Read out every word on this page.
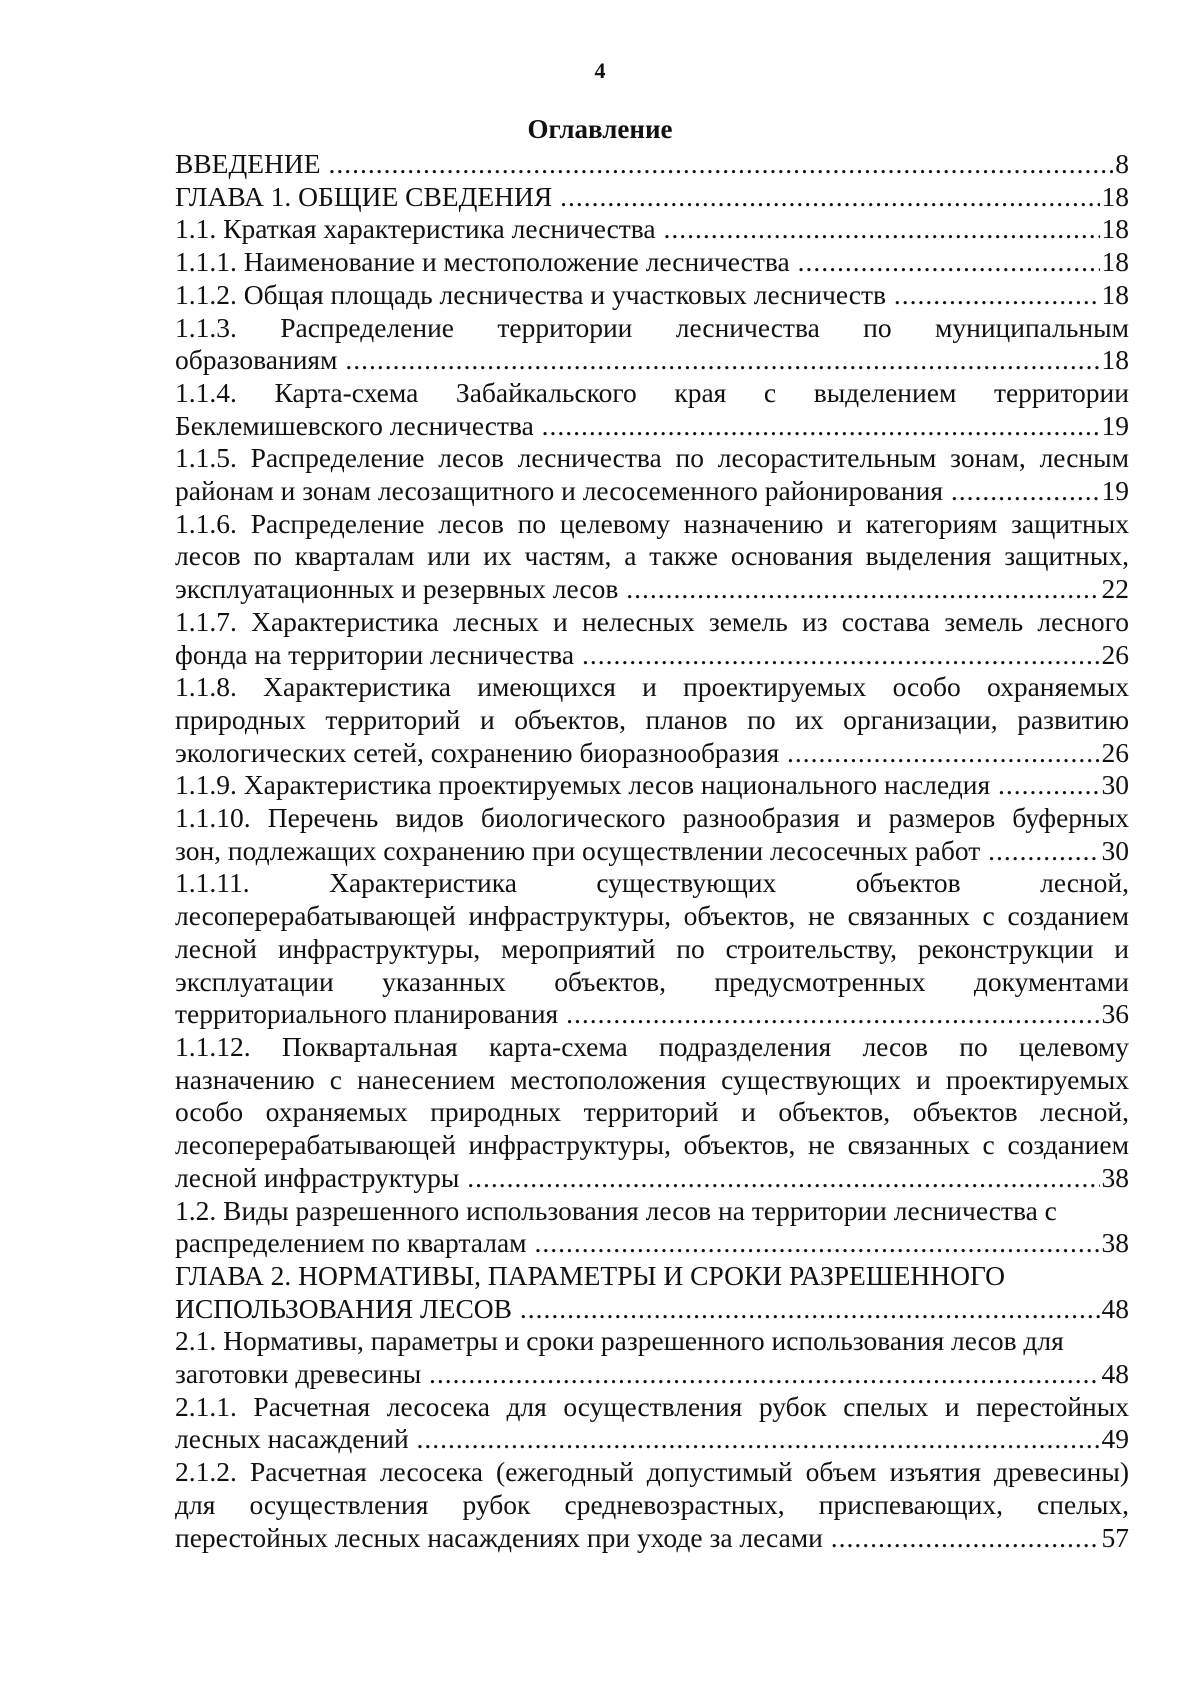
4
Оглавление
ВВЕДЕНИЕ .....	8
ГЛАВА 1. ОБЩИЕ СВЕДЕНИЯ .....	18
1.1. Краткая характеристика лесничества .....	18
1.1.1. Наименование и местоположение лесничества .....	18
1.1.2. Общая площадь лесничества и участковых лесничеств .....	18
1.1.3. Распределение территории лесничества по муниципальным
образованиям .....	18
1.1.4. Карта-схема Забайкальского края с выделением территории
Беклемишевского лесничества .....	19
1.1.5. Распределение лесов лесничества по лесорастительным зонам, лесным
районам и зонам лесозащитного и лесосеменного районирования .....	19
1.1.6. Распределение лесов по целевому назначению и категориям защитных
лесов по кварталам или их частям, а также основания выделения защитных,
эксплуатационных и резервных лесов .....	22
1.1.7. Характеристика лесных и нелесных земель из состава земель лесного
фонда на территории лесничества .....	26
1.1.8. Характеристика имеющихся и проектируемых особо охраняемых
природных территорий и объектов, планов по их организации, развитию
экологических сетей, сохранению биоразнообразия .....	26
1.1.9. Характеристика проектируемых лесов национального наследия .....	30
1.1.10. Перечень видов биологического разнообразия и размеров буферных
зон, подлежащих сохранению при осуществлении лесосечных работ .....	30
1.1.11. Характеристика существующих объектов лесной,
лесоперерабатывающей инфраструктуры, объектов, не связанных с созданием
лесной инфраструктуры, мероприятий по строительству, реконструкции и
эксплуатации указанных объектов, предусмотренных документами
территориального планирования .....	36
1.1.12. Поквартальная карта-схема подразделения лесов по целевому
назначению с нанесением местоположения существующих и проектируемых
особо охраняемых природных территорий и объектов, объектов лесной,
лесоперерабатывающей инфраструктуры, объектов, не связанных с созданием
лесной инфраструктуры .....	38
1.2. Виды разрешенного использования лесов на территории лесничества с
распределением по кварталам .....	38
ГЛАВА 2. НОРМАТИВЫ, ПАРАМЕТРЫ И СРОКИ РАЗРЕШЕННОГО
ИСПОЛЬЗОВАНИЯ ЛЕСОВ .....	48
2.1. Нормативы, параметры и сроки разрешенного использования лесов для
заготовки древесины .....	48
2.1.1. Расчетная лесосека для осуществления рубок спелых и перестойных
лесных насаждений .....	49
2.1.2. Расчетная лесосека (ежегодный допустимый объем изъятия древесины)
для осуществления рубок средневозрастных, приспевающих, спелых,
перестойных лесных насаждениях при уходе за лесами .....	57
